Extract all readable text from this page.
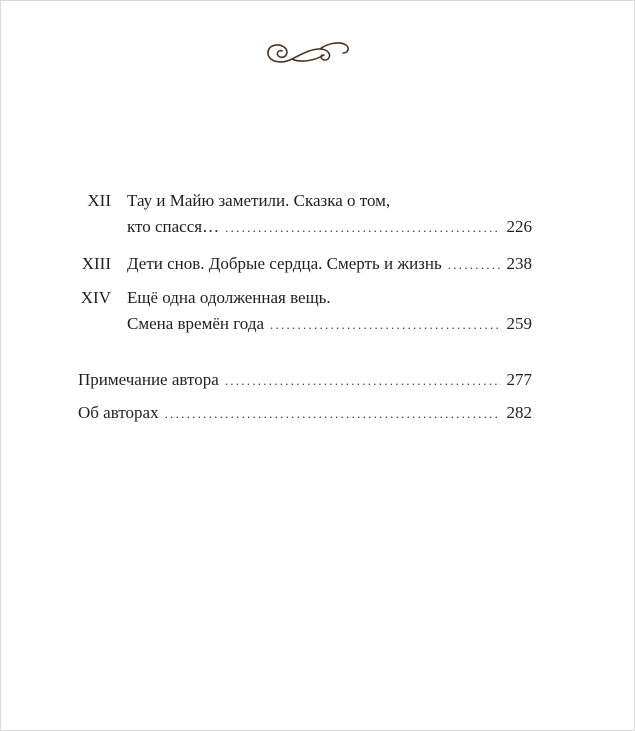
XII Тау и Майю заметили. Сказка о том,
кто спасся… . . .	226
XIII Дети снов. Добрые сердца. Смерть и жизнь . . .	238
XIV Ещё одна одолженная вещь.
Смена времён года . . .	259
Примечание автора . . .	277
Об авторах . . .	282
